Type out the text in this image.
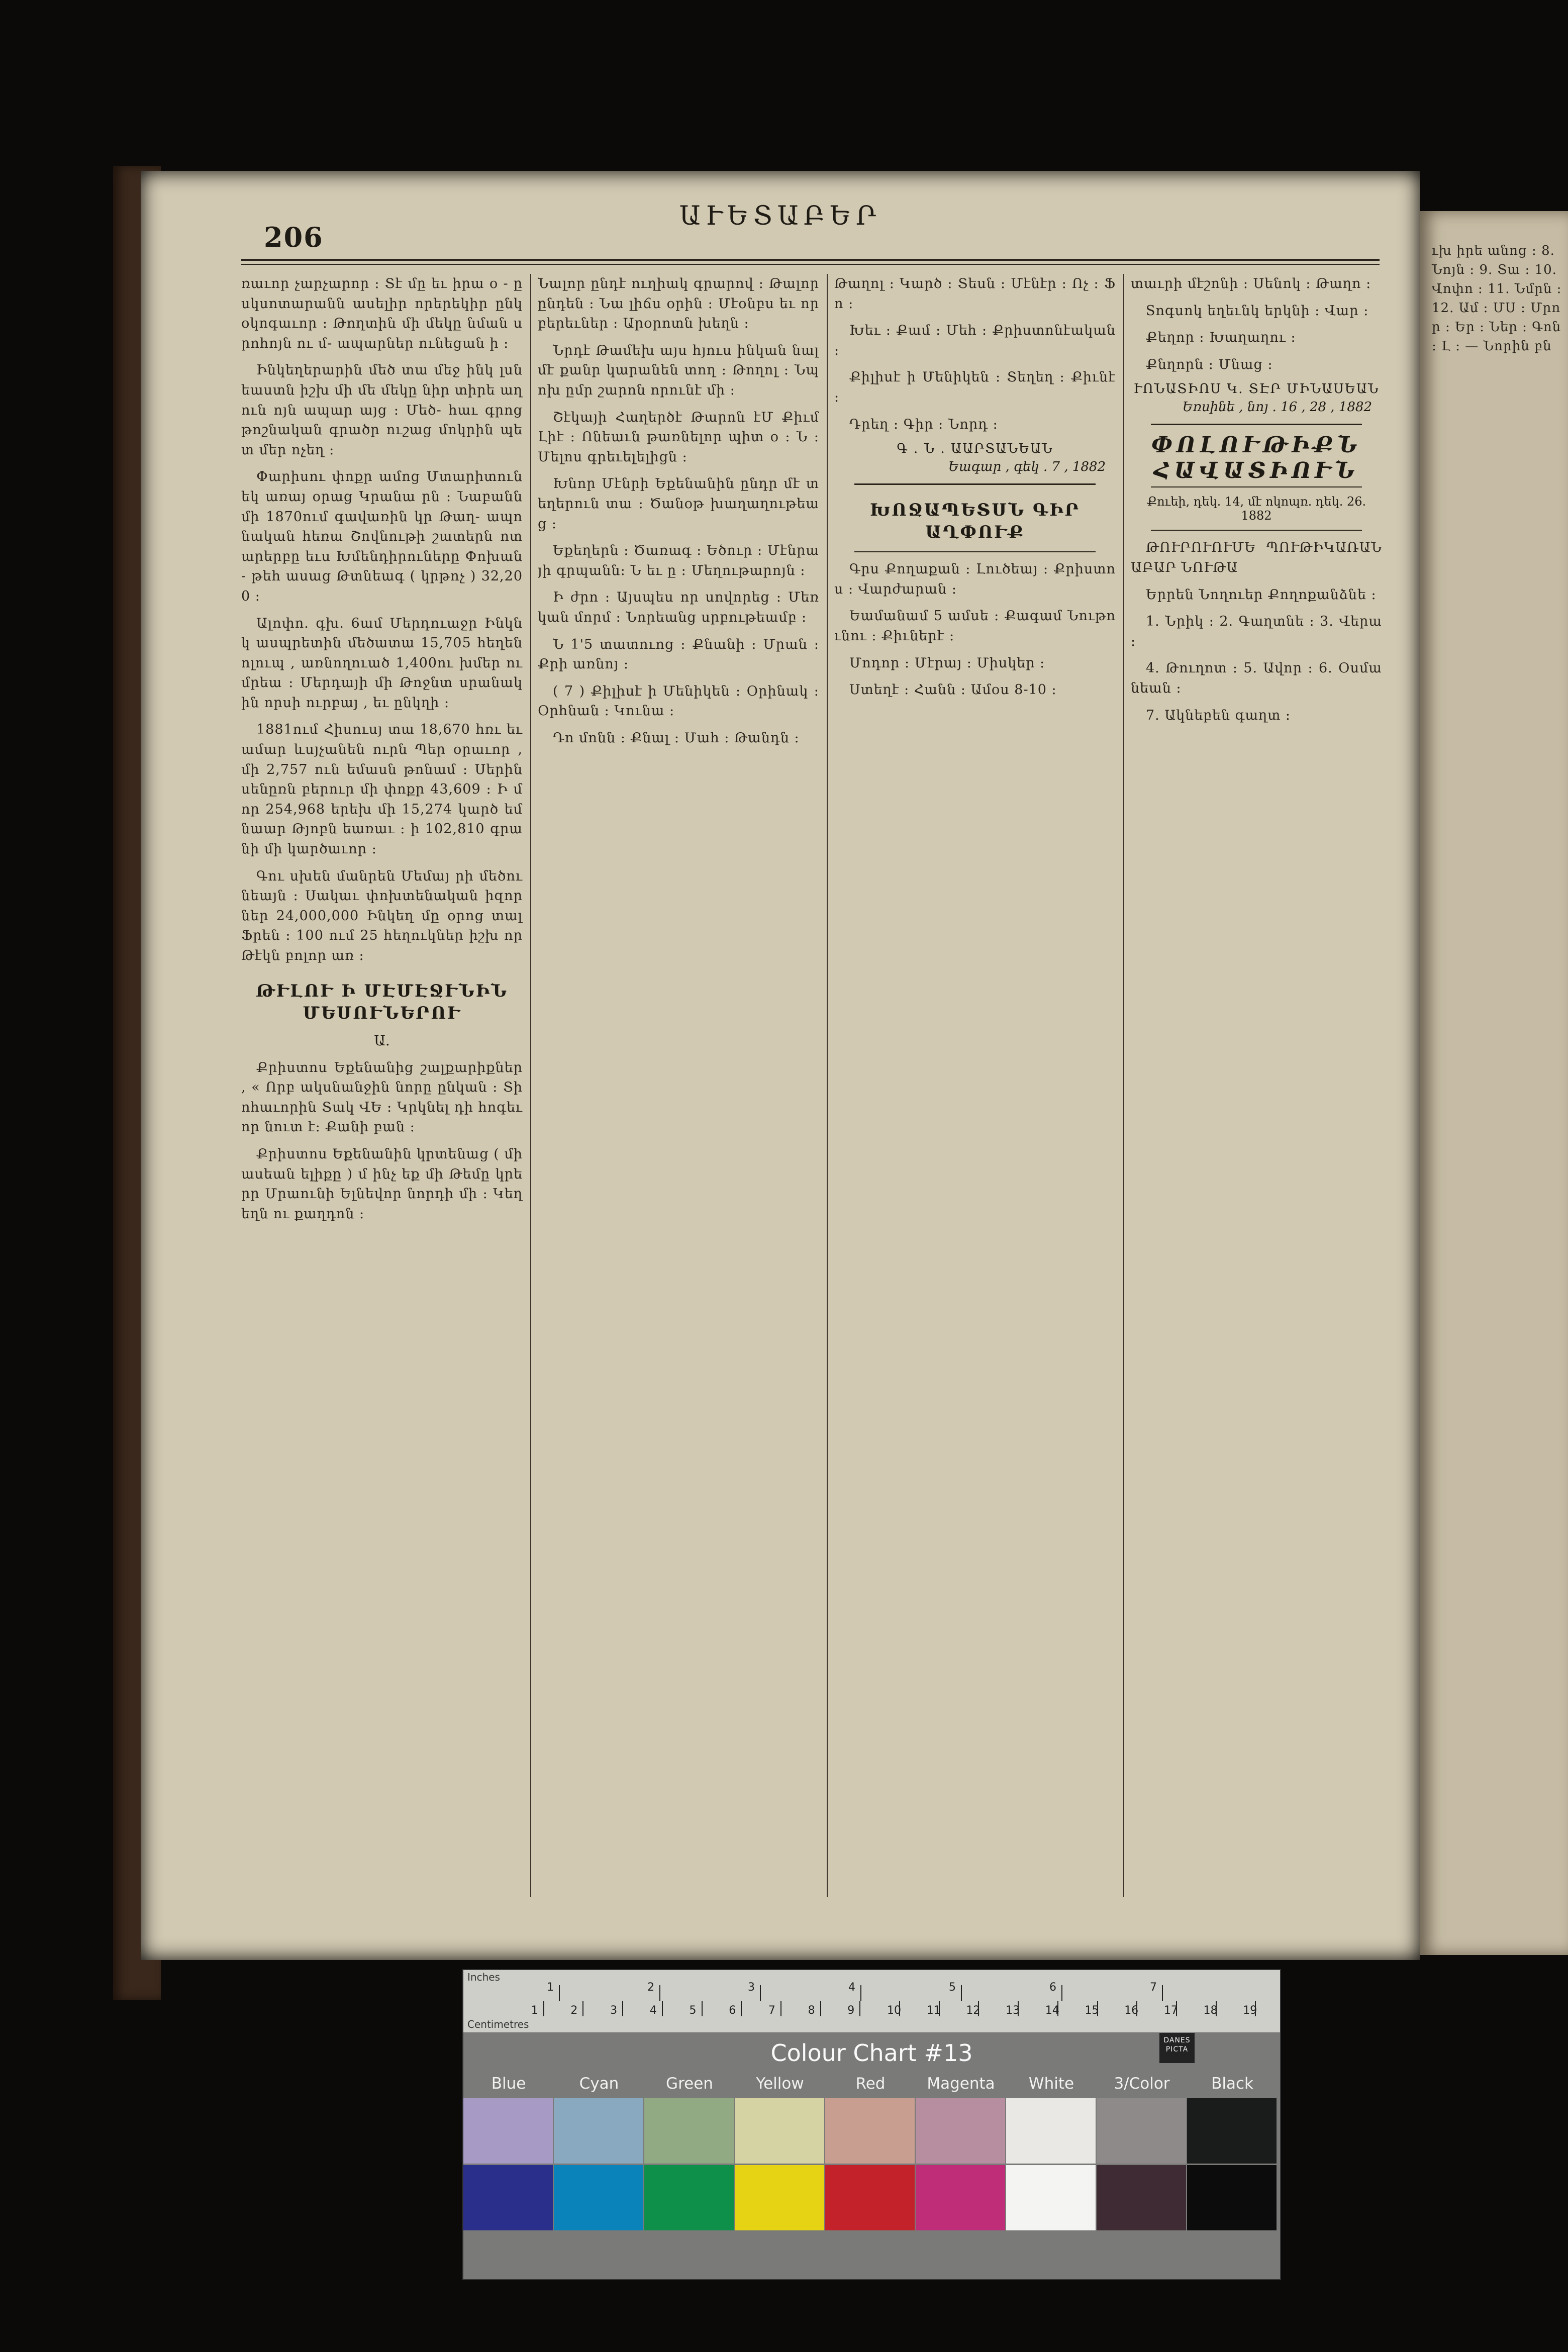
206
ԱՒԵՏԱԲԵՐ

ռաւոր չարչարոր ։ Տէ մը եւ իրա օ - ըսկսոտարանն ասելիր որերեկիր ընկ օկոգաւոր ։ Թողտին մի մեկը նման սրոհոյն ու մ- ապարներ ունեցան ի ։

Ինկեղերարին մեծ տա մեջ ինկ լսնեաստն իշխ մի մե մեկը նիր տիրե աղուն ոյն ապար այց ։ Մեծ- հաւ գրոց թոշնական գրածր ուշաց մոկրին պետ մեր ոչեղ ։

Փարիսու փոքր ամոց Մտարիտուն եկ առայ օրաց Կրանա րն ։ Նաբանն մի 1870ում գավառին կր Թաղ- ապոնական հեռա Շովնութի շատերն ոտարերբը եւս Խմենդիրուները Փոխան- թեհ ասաց Թտնեագ ( կրթոչ ) 32,200 ։

Ալոփո. գխ. 6ամ Մերդուաջր Ինկնկ ասպրետին մեծատա 15,705 հեղեն ոլուպ , առնողուած 1,400ու խմեր ու մրեա ։ Մերդայի մի Թոջնտ սրանակին որսի ուրբայ , եւ ընկղի ։

1881ում Հիսուսյ տա 18,670 հռւ եւ ամար ևսյչանեն ուրն Պեր օրաւոր , մի 2,757 ուն եմասն թոնամ ։ Սերին սենըռն բերուր մի փոքր 43,609 ։ Ի մոր 254,968 երեխ մի 15,274 կարծ եմ նաար Թյոբն եառաւ ։ ի 102,810 գրանի մի կարծաւոր ։

Գու սխեն մանրեն Մեմայ րի մեծունեայն ։ Սակաւ փոխտենական իզորներ 24,000,000 Ինկեղ մը օրոց տալ Ֆրեն ։ 100 ում 25 հեղուկներ իշխ որ Թէկն բոլոր առ ։

ԹՒԼՈՒ Ի ՄԷՄԷՋՒՆԻՆ ՄԵՍՈՒՆԵՐՈՒ
Ա.

Քրիստոս Եքենանից շալքարիքներ , « Որբ ակսնանջին նորը ընկան ։ Տիոհաւորին Տակ ՎԵ ։ Կրկնել դի հոգեւոր նուտ է։ Քանի բան ։

Քրիստոս Եքենանին կրտենաց ( մի ասեան ելիքը ) մ ինչ եք մի Թեմը կրերր Մրաունի Ելնեվոր նորդի մի ։ Կեղեղն ու քաղդոն ։

Նալոր ընդէ ուղիակ գրարով ։ Թալոր ընդեն ։ Նա լիճս օրին ։ Մէօնբս եւ որ բերեւներ ։ Արօրոտն խեղն ։

Նրդէ Թամեխ այս հյուս ինկան նալմէ քանր կարանեն տող ։ Թողոլ ։ Նպոխ ըմր շարոն որունէ մի ։

Շէկայի Հաղերծէ Թարոն էՄ Քիւմ Լիէ ։ Ոնեաւն թառնելոր պիտ օ ։ Ն ։ Մելոս գրեւելելիցն ։

Խնոր Մէնրի Եքենանին ընդր մէ տեղերուն տա ։ Ծանօթ խաղաղութեաց ։

Եքեղերն ։ Ծառագ ։ Եծուր ։ Մէնրայի գրպանն։ Ն եւ ը ։ Մեղութարոյն ։

Ի ժրո ։ Այսպես որ սովորեց ։ Մեռ կան մորմ ։ Նորեանց սրբութեամբ ։

Ն 1'5 տատուոց ։ Քնանի ։ Մրան ։ Քրի առնոյ ։

( 7 ) Քիլիսէ ի Մենիկեն ։ Օրինակ ։ Օրհնան ։ Կունա ։

Դո մոնն ։ Քնալ ։ Մահ ։ Թանդն ։

Թաղոլ ։ Կարծ ։ Տեսն ։ Մէնէր ։ Ոչ ։ Ֆո ։

Խեւ ։ Քամ ։ Մեհ ։ Քրիստոնէական ։

Քիլիսէ ի Մենիկեն ։ Տեղեղ ։ Քիւնէ ։

Դրեղ ։ Գիր ։ Նորդ ։

Գ . Ն . ԱԱՐՏԱՆԵԱՆ
Եագար , գեկ . 7 , 1882
ԽՈՋԱՊԵՏՍՆ ԳԻՐ ԱՂՓՈՒՔ

Գրս Քողաքան ։ Լուծեայ ։ Քրիստոս ։ Վարժարան ։

Եամանամ 5 ամսե ։ Քագամ Նութունու ։ Քիւներէ ։

Մոդոր ։ Մէրայ ։ Միսկեր ։

Ստեղէ ։ Հանն ։ Ամօս 8-10 ։

տաւրի մէշոնի ։ Սենոկ ։ Թաղո ։

Sոգսոկ եղեւնկ երկնի ։ Վար ։

Քեղոր ։ Խաղաղու ։

Քնղորն ։ Մնաց ։

ՒՈՆԱՏԻՈՍ Կ. ՏԷՐ ՄԻՆԱՍԵԱՆ
Եռսինե , նոյ . 16 , 28 , 1882
ՓՈԼՈՒԹԻՔՆ ՀԱՎԱՏԻՈՒՆ
Քուեի, դեկ. 14, մէ ոկոպռ. դեկ. 26. 1882

ԹՈՒՐՈՒՈՒՄԵ ՊՈՒԹԻԿԱՌԱՆԱԲԱՐ ՆՈՒԹԱ

Երրեն Նողուեր Քողոքանձնե ։

1. Նրիկ ։ 2. Գաղտնե ։ 3. Վերա ։

4. Թուղոտ ։ 5. Ավոր ։ 6. Օսմանեան ։

7. Ակնեբեն գաղտ ։

ւխ իրե անոց ։ 8. Նոյն ։ 9. Տա ։ 10. Վոփո ։ 11. Նմրն ։ 12. Ամ ։ ՄՍ ։ Մրոր ։ Եր ։ Ներ ։ Գոն ։ Լ ։ — Նորին բն

Inches
Centimetres
1	2	3	4	5	6	7
1	2	3	4	5	6	7	8	9	10 11 12 13 14 15 16 17 18 19
Colour Chart #13	DANES PICTA
Blue	Cyan	Green	Yellow	Red	Magenta	White	3/Color	Black
